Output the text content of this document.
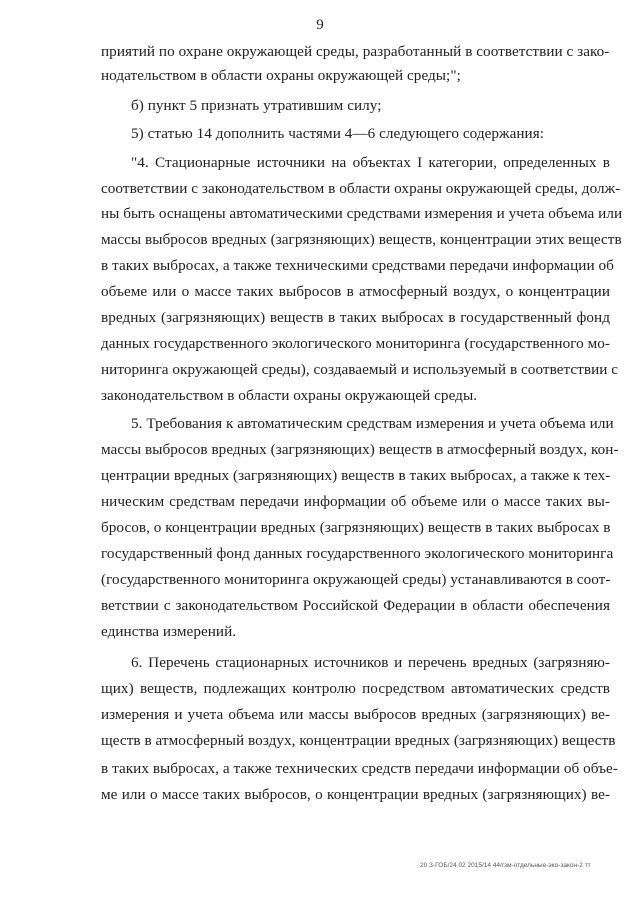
9
приятий по охране окружающей среды, разработанный в соответствии с зако-
нодательством в области охраны окружающей среды;";
б) пункт 5 признать утратившим силу;
5) статью 14 дополнить частями 4—6 следующего содержания:
"4. Стационарные источники на объектах I категории, определенных в
соответствии с законодательством в области охраны окружающей среды, долж-
ны быть оснащены автоматическими средствами измерения и учета объема или
массы выбросов вредных (загрязняющих) веществ, концентрации этих веществ
в таких выбросах, а также техническими средствами передачи информации об
объеме или о массе таких выбросов в атмосферный воздух, о концентрации
вредных (загрязняющих) веществ в таких выбросах в государственный фонд
данных государственного экологического мониторинга (государственного мо-
ниторинга окружающей среды), создаваемый и используемый в соответствии с
законодательством в области охраны окружающей среды.
5. Требования к автоматическим средствам измерения и учета объема или
массы выбросов вредных (загрязняющих) веществ в атмосферный воздух, кон-
центрации вредных (загрязняющих) веществ в таких выбросах, а также к тех-
ническим средствам передачи информации об объеме или о массе таких вы-
бросов, о концентрации вредных (загрязняющих) веществ в таких выбросах в
государственный фонд данных государственного экологического мониторинга
(государственного мониторинга окружающей среды) устанавливаются в соот-
ветствии с законодательством Российской Федерации в области обеспечения
единства измерений.
6. Перечень стационарных источников и перечень вредных (загрязняю-
щих) веществ, подлежащих контролю посредством автоматических средств
измерения и учета объема или массы выбросов вредных (загрязняющих) ве-
ществ в атмосферный воздух, концентрации вредных (загрязняющих) веществ
в таких выбросах, а также технических средств передачи информации об объе-
ме или о массе таких выбросов, о концентрации вредных (загрязняющих) ве-
20 З-ГОБ/24 02 2015/14 44/гзм-отдельные-эко-закон-2 тт
